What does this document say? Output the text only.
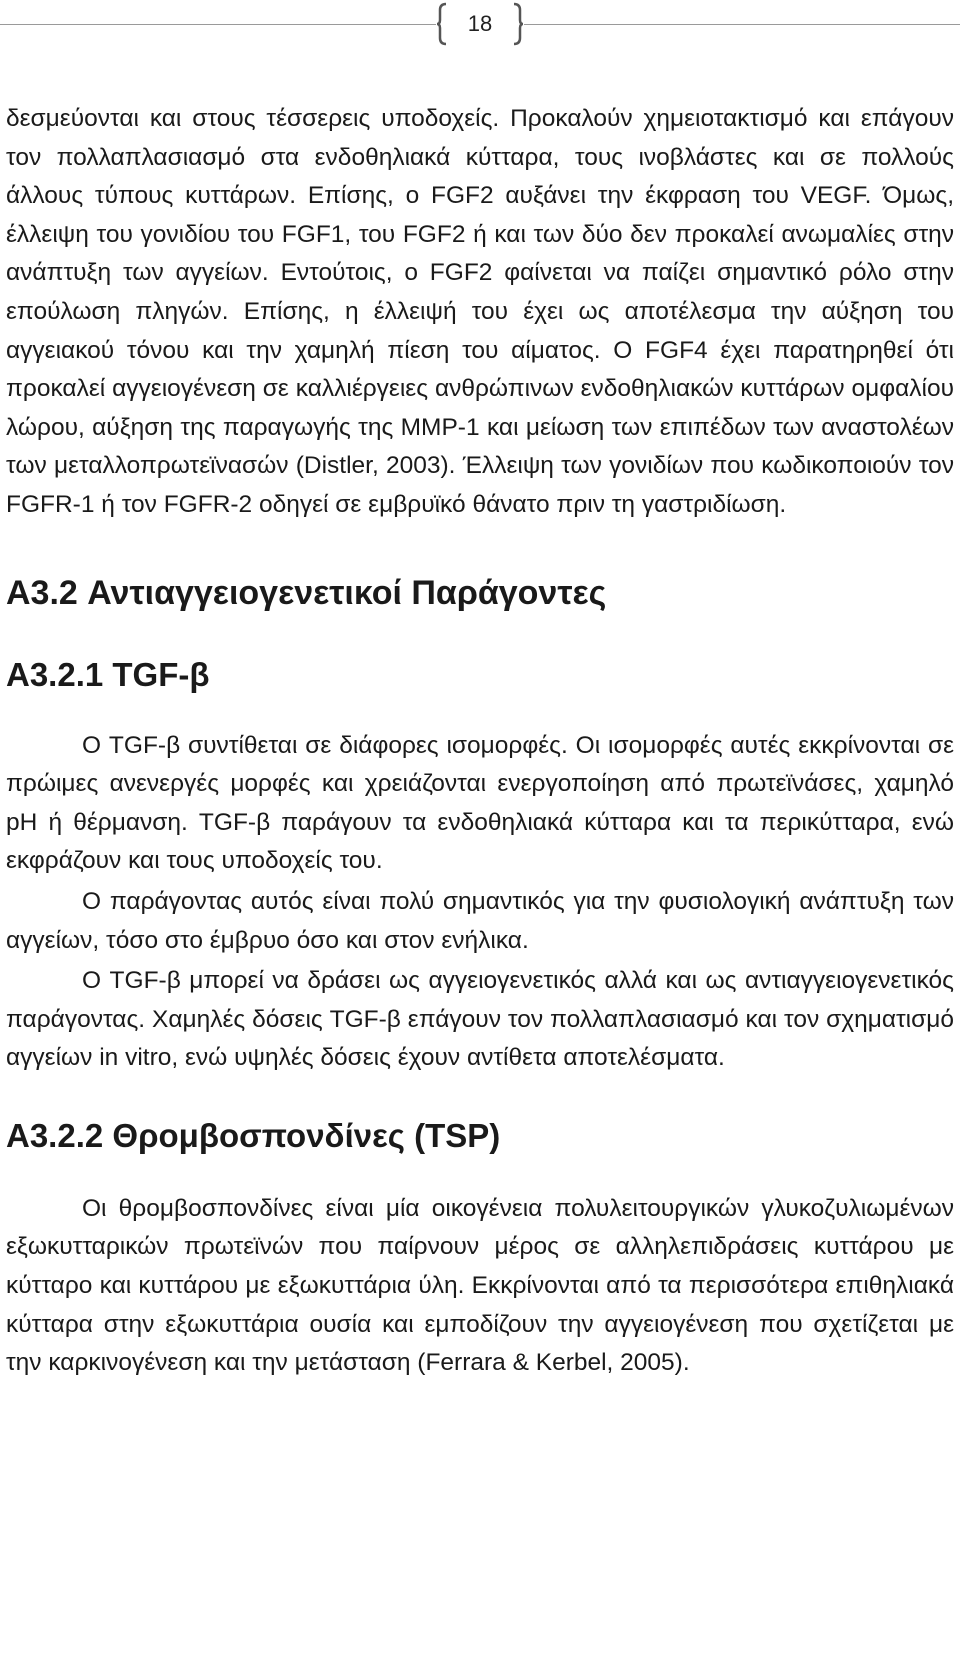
18

δεσμεύονται και στους τέσσερεις υποδοχείς. Προκαλούν χημειοτακτισμό και επάγουν τον πολλαπλασιασμό στα ενδοθηλιακά κύτταρα, τους ινοβλάστες και σε πολλούς άλλους τύπους κυττάρων. Επίσης, ο FGF2 αυξάνει την έκφραση του VEGF. Όμως, έλλειψη του γονιδίου του FGF1, του FGF2 ή και των δύο δεν προκαλεί ανωμαλίες στην ανάπτυξη των αγγείων. Εντούτοις, ο FGF2 φαίνεται να παίζει σημαντικό ρόλο στην επούλωση πληγών. Επίσης, η έλλειψή του έχει ως αποτέλεσμα την αύξηση του αγγειακού τόνου και την χαμηλή πίεση του αίματος. Ο FGF4 έχει παρατηρηθεί ότι προκαλεί αγγειογένεση σε καλλιέργειες ανθρώπινων ενδοθηλιακών κυττάρων ομφαλίου λώρου, αύξηση της παραγωγής της MMP-1 και μείωση των επιπέδων των αναστολέων των μεταλλοπρωτεϊνασών (Distler, 2003). Έλλειψη των γονιδίων που κωδικοποιούν τον FGFR-1 ή τον FGFR-2 οδηγεί σε εμβρυϊκό θάνατο πριν τη γαστριδίωση.

A3.2 Αντιαγγειογενετικοί Παράγοντες
A3.2.1 TGF-β

Ο TGF-β συντίθεται σε διάφορες ισομορφές. Οι ισομορφές αυτές εκκρίνονται σε πρώιμες ανενεργές μορφές και χρειάζονται ενεργοποίηση από πρωτεϊνάσες, χαμηλό pH ή θέρμανση. TGF-β παράγουν τα ενδοθηλιακά κύτταρα και τα περικύτταρα, ενώ εκφράζουν και τους υποδοχείς του.

Ο παράγοντας αυτός είναι πολύ σημαντικός για την φυσιολογική ανάπτυξη των αγγείων, τόσο στο έμβρυο όσο και στον ενήλικα.

Ο TGF-β μπορεί να δράσει ως αγγειογενετικός αλλά και ως αντιαγγειογενετικός παράγοντας. Χαμηλές δόσεις TGF-β επάγουν τον πολλαπλασιασμό και τον σχηματισμό αγγείων in vitro, ενώ υψηλές δόσεις έχουν αντίθετα αποτελέσματα.

A3.2.2 Θρομβοσπονδίνες (TSP)

Οι θρομβοσπονδίνες είναι μία οικογένεια πολυλειτουργικών γλυκοζυλιωμένων εξωκυτταρικών πρωτεϊνών που παίρνουν μέρος σε αλληλεπιδράσεις κυττάρου με κύτταρο και κυττάρου με εξωκυττάρια ύλη. Εκκρίνονται από τα περισσότερα επιθηλιακά κύτταρα στην εξωκυττάρια ουσία και εμποδίζουν την αγγειογένεση που σχετίζεται με την καρκινογένεση και την μετάσταση (Ferrara & Kerbel, 2005).
